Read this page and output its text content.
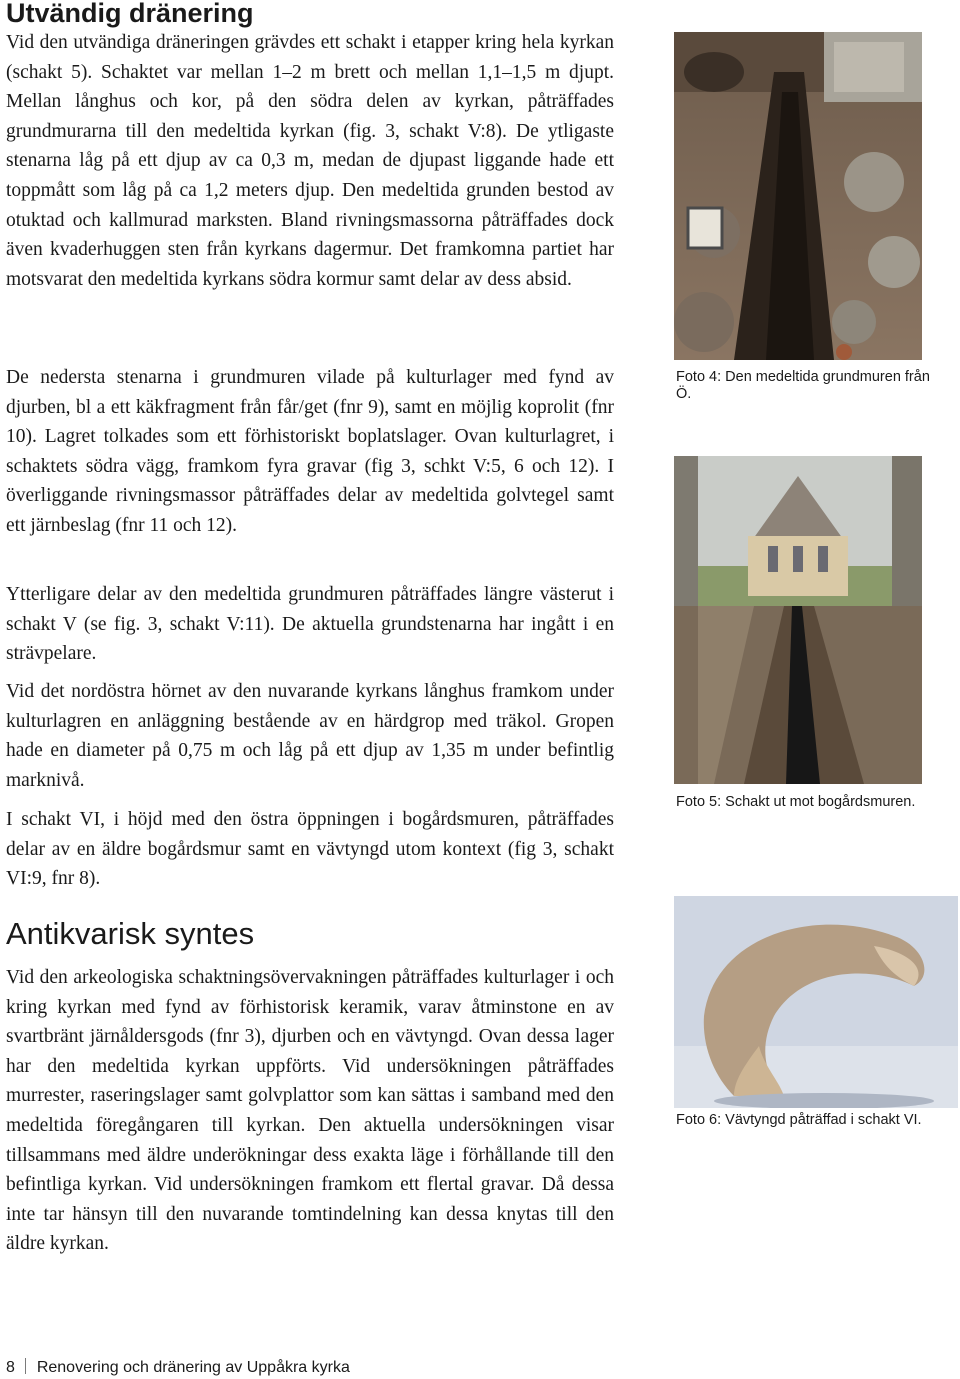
Utvändig dränering

Vid den utvändiga dräneringen grävdes ett schakt i etapper kring hela kyrkan (schakt 5). Schaktet var mellan 1–2 m brett och mellan 1,1–1,5 m djupt. Mellan långhus och kor, på den södra delen av kyrkan, påträffades grundmurarna till den medeltida kyrkan (fig. 3, schakt V:8). De ytligaste stenarna låg på ett djup av ca 0,3 m, medan de djupast liggande hade ett toppmått som låg på ca 1,2 meters djup. Den medeltida grunden bestod av otuktad och kallmurad marksten. Bland rivningsmassorna påträffades dock även kvaderhuggen sten från kyrkans dagermur. Det framkomna partiet har motsvarat den medeltida kyrkans södra kormur samt delar av dess absid.

De nedersta stenarna i grundmuren vilade på kulturlager med fynd av djurben, bl a ett käkfragment från får/get (fnr 9), samt en möjlig koprolit (fnr 10). Lagret tolkades som ett förhistoriskt boplatslager. Ovan kulturlagret, i schaktets södra vägg, framkom fyra gravar (fig 3, schkt V:5, 6 och 12). I överliggande rivningsmassor påträffades delar av medeltida golvtegel samt ett järnbeslag (fnr 11 och 12).

Ytterligare delar av den medeltida grundmuren påträffades längre västerut i schakt V (se fig. 3, schakt V:11). De aktuella grundstenarna har ingått i en strävpelare.

Vid det nordöstra hörnet av den nuvarande kyrkans långhus framkom under kulturlagren en anläggning bestående av en härdgrop med träkol. Gropen hade en diameter på 0,75 m och låg på ett djup av 1,35 m under befintlig marknivå.

I schakt VI, i höjd med den östra öppningen i bogårdsmuren, påträffades delar av en äldre bogårdsmur samt en vävtyngd utom kontext (fig 3, schakt VI:9, fnr 8).

Antikvarisk syntes

Vid den arkeologiska schaktningsövervakningen påträffades kulturlager i och kring kyrkan med fynd av förhistorisk keramik, varav åtminstone en av svartbränt järnåldersgods (fnr 3), djurben och en vävtyngd. Ovan dessa lager har den medeltida kyrkan uppförts. Vid undersökningen påträffades murrester, raseringslager samt golvplattor som kan sättas i samband med den medeltida föregångaren till kyrkan. Den aktuella undersökningen visar tillsammans med äldre underökningar dess exakta läge i förhållande till den befintliga kyrkan. Vid undersökningen framkom ett flertal gravar. Då dessa inte tar hänsyn till den nuvarande tomtindelning kan dessa knytas till den äldre kyrkan.

Foto 4: Den medeltida grundmuren från Ö.
Foto 5: Schakt ut mot bogårdsmuren.
Foto 6: Vävtyngd påträffad i schakt VI.
8 Renovering och dränering av Uppåkra kyrka
